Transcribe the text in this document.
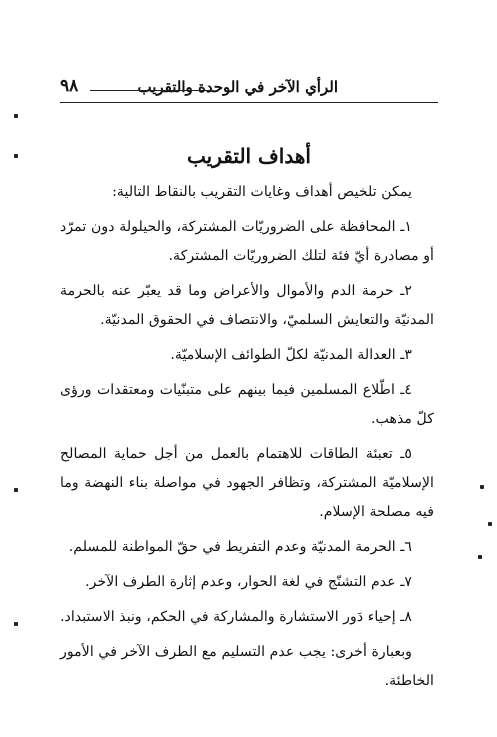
الرأي الآخر في الوحدة والتقريب
٩٨
أهداف التقريب

يمكن تلخيص أهداف وغايات التقريب بالنقاط التالية:

١ـ المحافظة على الضروريّات المشتركة، والحيلولة دون تمرّد أو مصادرة أيّ فئة لتلك الضروريّات المشتركة.

٢ـ حرمة الدم والأموال والأعراض وما قد يعبّر عنه بالحرمة المدنيّة والتعايش السلميّ، والانتصاف في الحقوق المدنيّة.

٣ـ العدالة المدنيّة لكلّ الطوائف الإسلاميّة.

٤ـ اطّلاع المسلمين فيما بينهم على متبنّيات ومعتقدات ورؤى كلّ مذهب.

٥ـ تعبئة الطاقات للاهتمام بالعمل من أجل حماية المصالح الإسلاميّة المشتركة، وتظافر الجهود في مواصلة بناء النهضة وما فيه مصلحة الإسلام.

٦ـ الحرمة المدنيّة وعدم التفريط في حقّ المواطنة للمسلم.

٧ـ عدم التشنّج في لغة الحوار، وعدم إثارة الطرف الآخر.

٨ـ إحياء دَور الاستشارة والمشاركة في الحكم، ونبذ الاستبداد.

وبعبارة أخرى: يجب عدم التسليم مع الطرف الآخر في الأمور الخاطئة.
